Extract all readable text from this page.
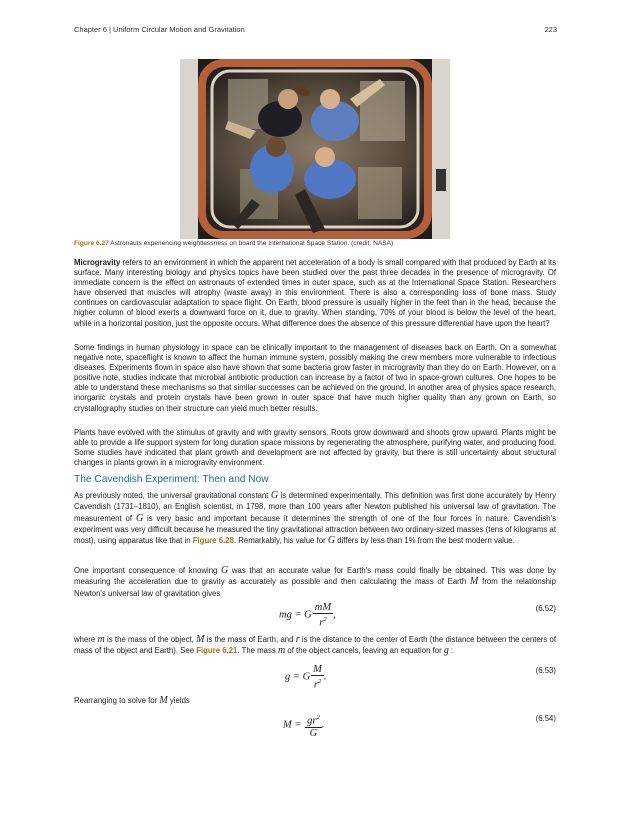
Chapter 6 | Uniform Circular Motion and Gravitation	223
Figure 6.27 Astronauts experiencing weightlessness on board the International Space Station. (credit: NASA)

Microgravity refers to an environment in which the apparent net acceleration of a body is small compared with that produced by Earth at its surface. Many interesting biology and physics topics have been studied over the past three decades in the presence of microgravity. Of immediate concern is the effect on astronauts of extended times in outer space, such as at the International Space Station. Researchers have observed that muscles will atrophy (waste away) in this environment. There is also a corresponding loss of bone mass. Study continues on cardiovascular adaptation to space flight. On Earth, blood pressure is usually higher in the feet than in the head, because the higher column of blood exerts a downward force on it, due to gravity. When standing, 70% of your blood is below the level of the heart, while in a horizontal position, just the opposite occurs. What difference does the absence of this pressure differential have upon the heart?

Some findings in human physiology in space can be clinically important to the management of diseases back on Earth. On a somewhat negative note, spaceflight is known to affect the human immune system, possibly making the crew members more vulnerable to infectious diseases. Experiments flown in space also have shown that some bacteria grow faster in microgravity than they do on Earth. However, on a positive note, studies indicate that microbial antibiotic production can increase by a factor of two in space-grown cultures. One hopes to be able to understand these mechanisms so that similar successes can be achieved on the ground. In another area of physics space research, inorganic crystals and protein crystals have been grown in outer space that have much higher quality than any grown on Earth, so crystallography studies on their structure can yield much better results.

Plants have evolved with the stimulus of gravity and with gravity sensors. Roots grow downward and shoots grow upward. Plants might be able to provide a life support system for long duration space missions by regenerating the atmosphere, purifying water, and producing food. Some studies have indicated that plant growth and development are not affected by gravity, but there is still uncertainty about structural changes in plants grown in a microgravity environment.

The Cavendish Experiment: Then and Now

As previously noted, the universal gravitational constant G is determined experimentally. This definition was first done accurately by Henry Cavendish (1731–1810), an English scientist, in 1798, more than 100 years after Newton published his universal law of gravitation. The measurement of G is very basic and important because it determines the strength of one of the four forces in nature. Cavendish's experiment was very difficult because he measured the tiny gravitational attraction between two ordinary-sized masses (tens of kilograms at most), using apparatus like that in Figure 6.28. Remarkably, his value for G differs by less than 1% from the best modern value.

One important consequence of knowing G was that an accurate value for Earth's mass could finally be obtained. This was done by measuring the acceleration due to gravity as accurately as possible and then calculating the mass of Earth M from the relationship Newton's universal law of gravitation gives

mg = G $\frac{mM}{r^2}$ ,
(6.52)

where m is the mass of the object, M is the mass of Earth, and r is the distance to the center of Earth (the distance between the centers of mass of the object and Earth). See Figure 6.21. The mass m of the object cancels, leaving an equation for g :

g = G $\frac{M}{r^2}$ .
(6.53)

Rearranging to solve for M yields

$M = \frac{gr^2}{G}$ .
(6.54)
